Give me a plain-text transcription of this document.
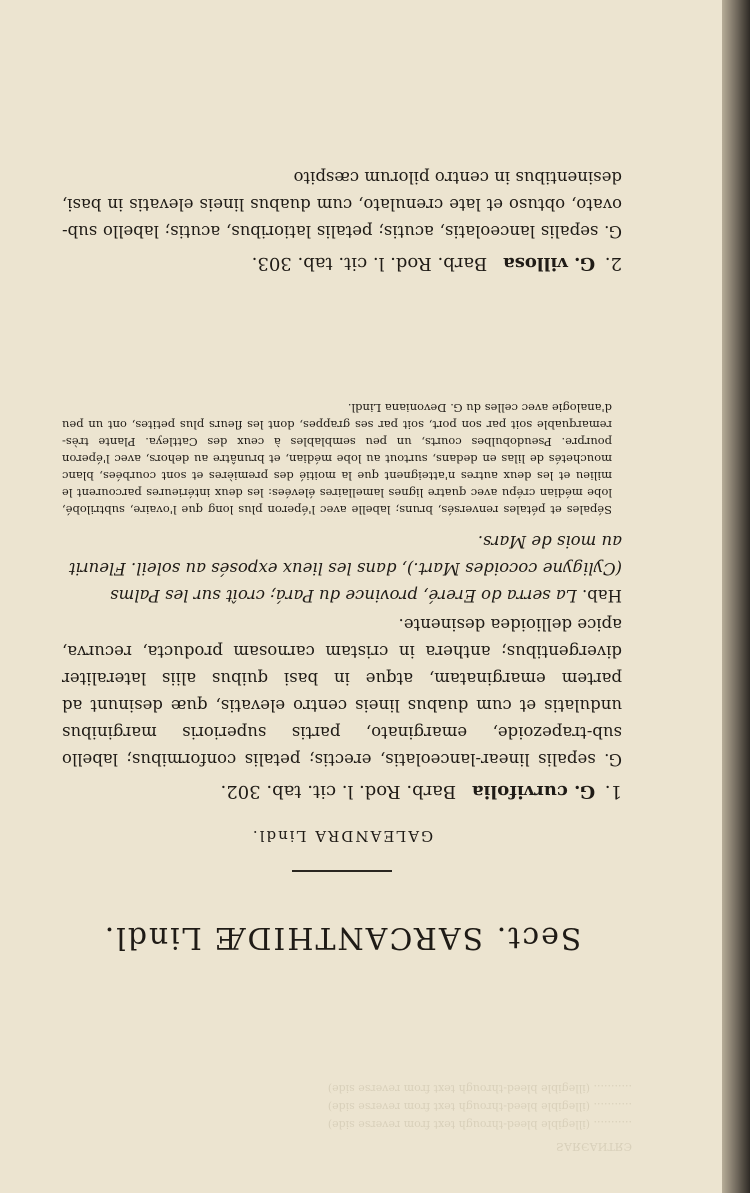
ЄЯΤИАЭЯАƧ
........... (illegible bleed-through text from reverse side)
........... (illegible bleed-through text from reverse side)
........... (illegible bleed-through text from reverse side)
Sect. SARCANTHIDÆ Lindl.
GALEANDRA Lindl.

1. G. curvifolia Barb. Rod. l. cit. tab. 302.

G. sepalis linear-lanceolatis, erectis; petalis conformibus; labello sub-trapezoide, emarginato, partis superioris marginibus undulatis et cum duabus lineis centro elevatis, quæ desinunt ad partem emarginatam, atque in basi quibus aliis lateraliter divergentibus; anthera in cristam carnosam producta, recurva, apice dellioidea desinente.

Hab. La serra do Ereré, province du Pará; croît sur les Palms (Cyligyne cocoides Mart.), dans les lieux exposés au soleil. Fleurit au mois de Mars.

Sépales et pétales renversés, bruns; labelle avec l'éperon plus long que l'ovaire, subtrilobé, lobe médian crépu avec quatre lignes lamellaires élevées: les deux intérieures parcourent le milieu et les deux autres n'atteignent que la moitié des premières et sont courbées, blanc mouchetés de lilas en dedans, surtout au lobe médian, et brunâtre au dehors, avec l'éperon pourpre. Pseudobulbes courts, un peu semblables à ceux des Cattleya. Plante très-remarquable soit par son port, soit par ses grappes, dont les fleurs plus petites, ont un peu d'analogie avec celles du G. Devoniana Lindl.

2. G. villosa Barb. Rod. l. cit. tab. 303.

G. sepalis lanceolatis, acutis; petalis latioribus, acutis; labello sub-ovato, obtuso et late crenulato, cum duabus lineis elevatis in basi, desinentibus in centro pilorum cæspito
